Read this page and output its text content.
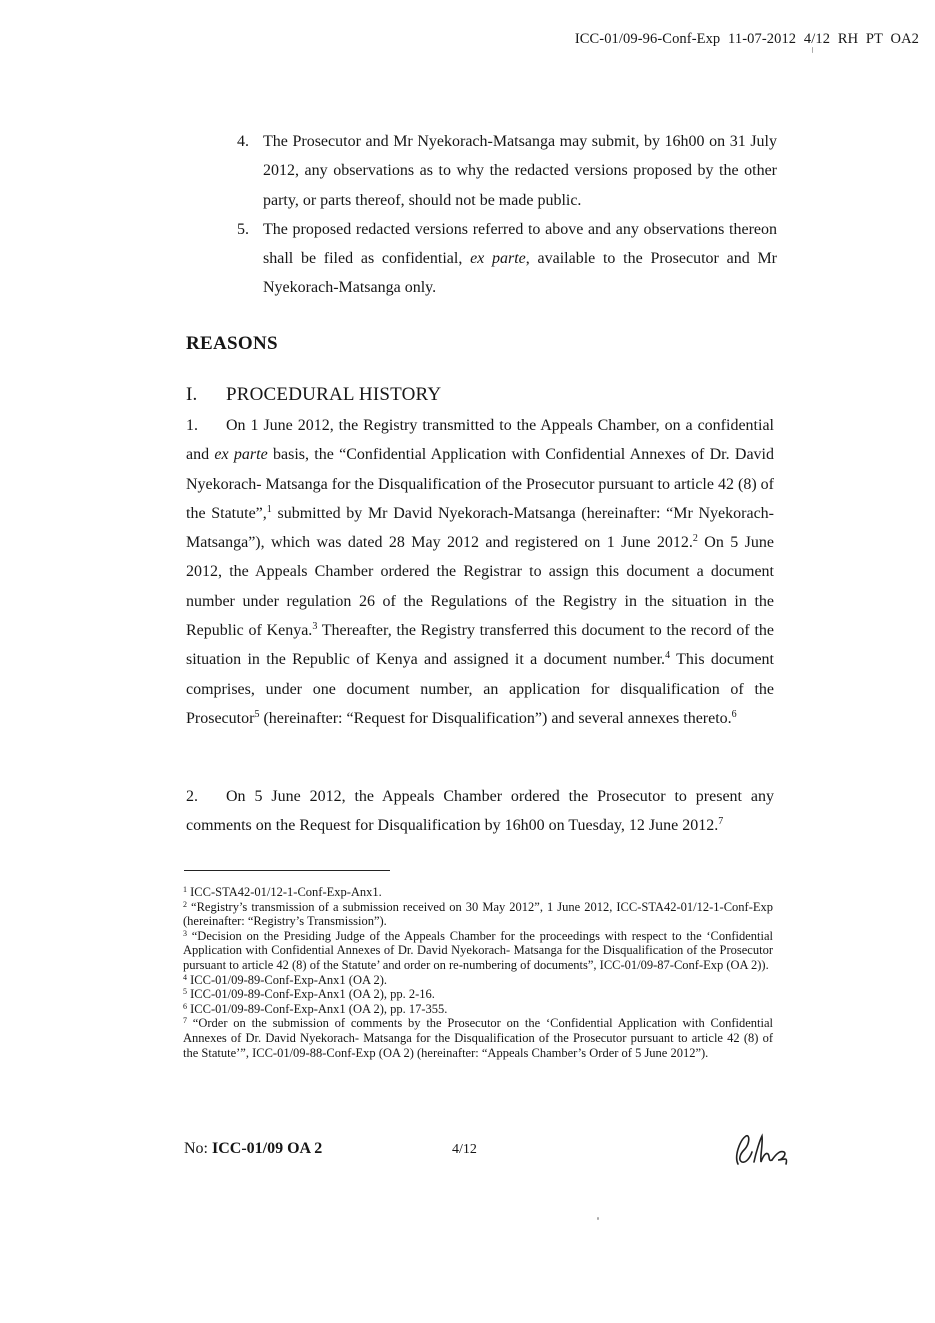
ICC-01/09-96-Conf-Exp 11-07-2012 4/12 RH PT OA2
4. The Prosecutor and Mr Nyekorach-Matsanga may submit, by 16h00 on 31 July 2012, any observations as to why the redacted versions proposed by the other party, or parts thereof, should not be made public.
5. The proposed redacted versions referred to above and any observations thereon shall be filed as confidential, ex parte, available to the Prosecutor and Mr Nyekorach-Matsanga only.
REASONS
I.	PROCEDURAL HISTORY
1. On 1 June 2012, the Registry transmitted to the Appeals Chamber, on a confidential and ex parte basis, the “Confidential Application with Confidential Annexes of Dr. David Nyekorach- Matsanga for the Disqualification of the Prosecutor pursuant to article 42 (8) of the Statute”,$^1$ submitted by Mr David Nyekorach-Matsanga (hereinafter: “Mr Nyekorach-Matsanga”), which was dated 28 May 2012 and registered on 1 June 2012.$^2$ On 5 June 2012, the Appeals Chamber ordered the Registrar to assign this document a document number under regulation 26 of the Regulations of the Registry in the situation in the Republic of Kenya.$^3$ Thereafter, the Registry transferred this document to the record of the situation in the Republic of Kenya and assigned it a document number.$^4$ This document comprises, under one document number, an application for disqualification of the Prosecutor$^5$ (hereinafter: “Request for Disqualification”) and several annexes thereto.$^6$
2. On 5 June 2012, the Appeals Chamber ordered the Prosecutor to present any comments on the Request for Disqualification by 16h00 on Tuesday, 12 June 2012.$^7$
$^1$ ICC-STA42-01/12-1-Conf-Exp-Anx1.
$^2$ “Registry’s transmission of a submission received on 30 May 2012”, 1 June 2012, ICC-STA42-01/12-1-Conf-Exp (hereinafter: “Registry’s Transmission”).
$^3$ “Decision on the Presiding Judge of the Appeals Chamber for the proceedings with respect to the ‘Confidential Application with Confidential Annexes of Dr. David Nyekorach- Matsanga for the Disqualification of the Prosecutor pursuant to article 42 (8) of the Statute’ and order on re-numbering of documents”, ICC-01/09-87-Conf-Exp (OA 2)).
$^4$ ICC-01/09-89-Conf-Exp-Anx1 (OA 2).
$^5$ ICC-01/09-89-Conf-Exp-Anx1 (OA 2), pp. 2-16.
$^6$ ICC-01/09-89-Conf-Exp-Anx1 (OA 2), pp. 17-355.
$^7$ “Order on the submission of comments by the Prosecutor on the ‘Confidential Application with Confidential Annexes of Dr. David Nyekorach- Matsanga for the Disqualification of the Prosecutor pursuant to article 42 (8) of the Statute’”, ICC-01/09-88-Conf-Exp (OA 2) (hereinafter: “Appeals Chamber’s Order of 5 June 2012”).
No: ICC-01/09 OA 2	4/12
